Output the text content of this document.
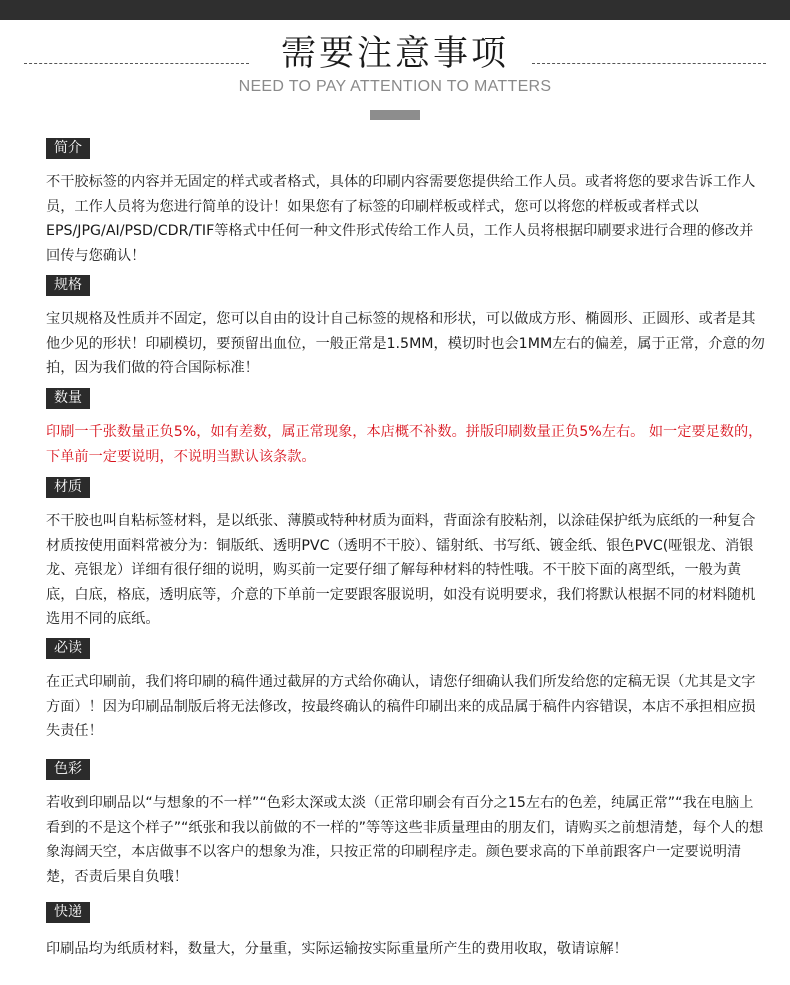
需要注意事项
NEED TO PAY ATTENTION TO MATTERS
简介

不干胶标签的内容并无固定的样式或者格式，具体的印刷内容需要您提供给工作人员。或者将您的要求告诉工作人员，工作人员将为您进行简单的设计！如果您有了标签的印刷样板或样式，您可以将您的样板或者样式以EPS/JPG/AI/PSD/CDR/TIF等格式中任何一种文件形式传给工作人员，工作人员将根据印刷要求进行合理的修改并回传与您确认！

规格

宝贝规格及性质并不固定，您可以自由的设计自己标签的规格和形状，可以做成方形、椭圆形、正圆形、或者是其他少见的形状！印刷模切，要预留出血位，一般正常是1.5MM，模切时也会1MM左右的偏差，属于正常，介意的勿拍，因为我们做的符合国际标准！

数量

印刷一千张数量正负5%，如有差数，属正常现象，本店概不补数。拼版印刷数量正负5%左右。 如一定要足数的，下单前一定要说明，不说明当默认该条款。

材质

不干胶也叫自粘标签材料，是以纸张、薄膜或特种材质为面料，背面涂有胶粘剂，以涂硅保护纸为底纸的一种复合材质按使用面料常被分为：铜版纸、透明PVC（透明不干胶）、镭射纸、书写纸、镀金纸、银色PVC(哑银龙、消银龙、亮银龙）详细有很仔细的说明，购买前一定要仔细了解每种材料的特性哦。不干胶下面的离型纸，一般为黄底，白底，格底，透明底等，介意的下单前一定要跟客服说明，如没有说明要求，我们将默认根据不同的材料随机选用不同的底纸。

必读

在正式印刷前，我们将印刷的稿件通过截屏的方式给你确认，请您仔细确认我们所发给您的定稿无误（尤其是文字方面）！因为印刷品制版后将无法修改，按最终确认的稿件印刷出来的成品属于稿件内容错误，本店不承担相应损失责任！

色彩

若收到印刷品以“与想象的不一样”“色彩太深或太淡（正常印刷会有百分之15左右的色差，纯属正常”“我在电脑上看到的不是这个样子”“纸张和我以前做的不一样的”等等这些非质量理由的朋友们，请购买之前想清楚，每个人的想象海阔天空，本店做事不以客户的想象为准，只按正常的印刷程序走。颜色要求高的下单前跟客户一定要说明清楚，否责后果自负哦！

快递

印刷品均为纸质材料，数量大，分量重，实际运输按实际重量所产生的费用收取，敬请谅解！
